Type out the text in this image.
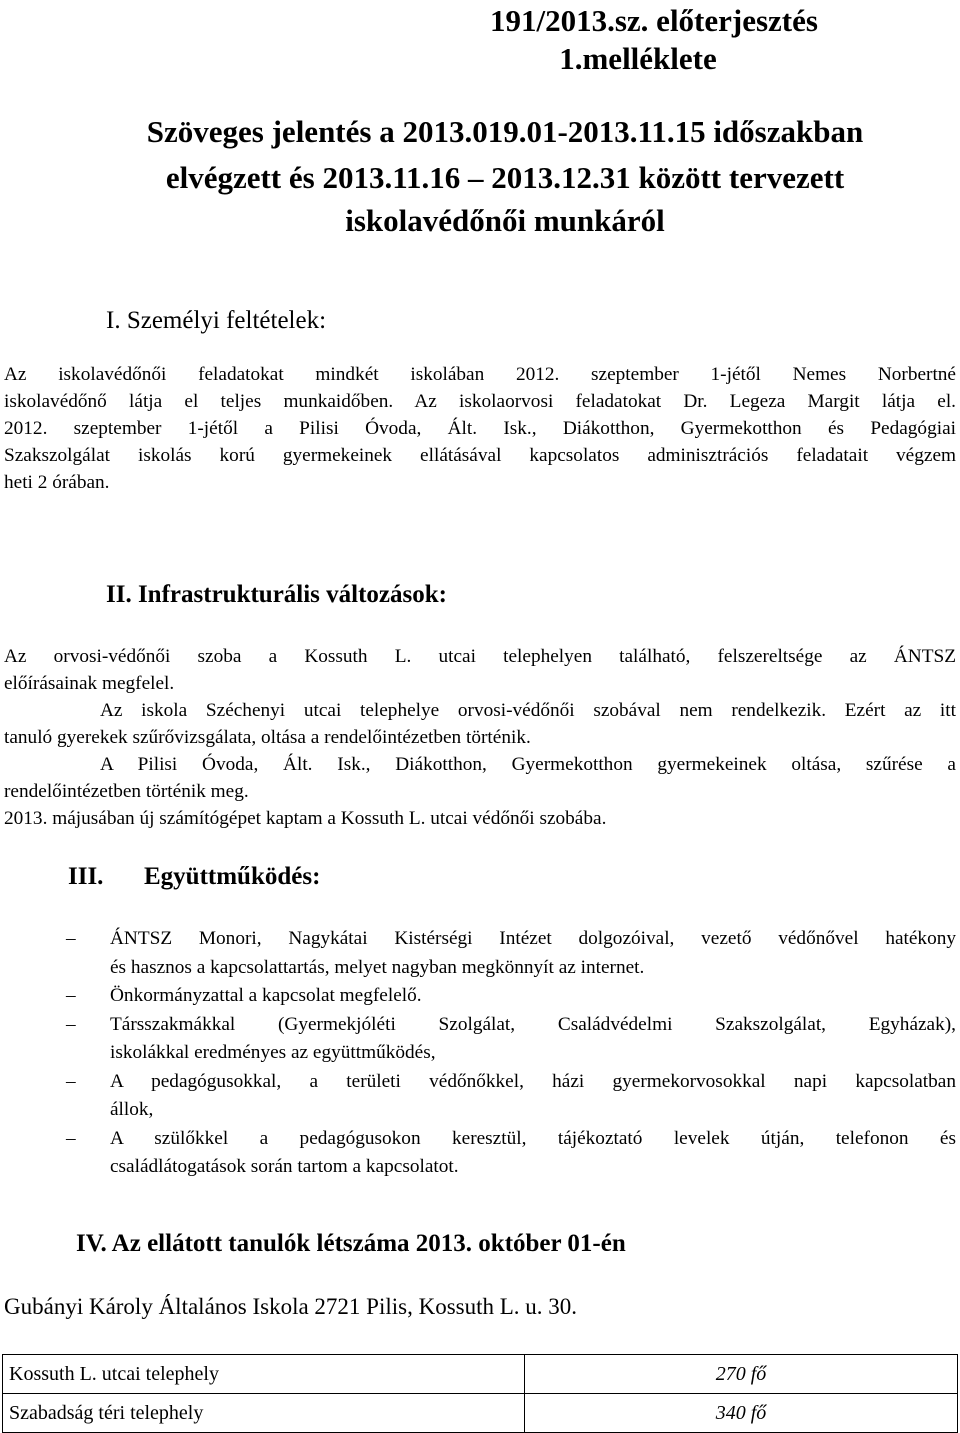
191/2013.sz. előterjesztés
1.melléklete
Szöveges jelentés a 2013.019.01-2013.11.15 időszakban
elvégzett és 2013.11.16 – 2013.12.31 között tervezett
iskolavédőnői munkáról
I. Személyi feltételek:
Az iskolavédőnői feladatokat mindkét iskolában 2012. szeptember 1-jétől Nemes Norbertné
iskolavédőnő látja el teljes munkaidőben. Az iskolaorvosi feladatokat Dr. Legeza Margit látja el.
2012. szeptember 1-jétől a Pilisi Óvoda, Ált. Isk., Diákotthon, Gyermekotthon és Pedagógiai
Szakszolgálat iskolás korú gyermekeinek ellátásával kapcsolatos adminisztrációs feladatait végzem
heti 2 órában.
II. Infrastrukturális változások:
Az orvosi-védőnői szoba a Kossuth L. utcai telephelyen található, felszereltsége az ÁNTSZ
előírásainak megfelel.
Az iskola Széchenyi utcai telephelye orvosi-védőnői szobával nem rendelkezik. Ezért az itt
tanuló gyerekek szűrővizsgálata, oltása a rendelőintézetben történik.
A Pilisi Óvoda, Ált. Isk., Diákotthon, Gyermekotthon gyermekeinek oltása, szűrése a
rendelőintézetben történik meg.
2013. májusában új számítógépet kaptam a Kossuth L. utcai védőnői szobába.
III. Együttműködés:
–	ÁNTSZ Monori, Nagykátai Kistérségi Intézet dolgozóival, vezető védőnővel hatékony
és hasznos a kapcsolattartás, melyet nagyban megkönnyít az internet.
–	Önkormányzattal a kapcsolat megfelelő.
–	Társszakmákkal (Gyermekjóléti Szolgálat, Családvédelmi Szakszolgálat, Egyházak),
iskolákkal eredményes az együttműködés,
–	A pedagógusokkal, a területi védőnőkkel, házi gyermekorvosokkal napi kapcsolatban
állok,
–	A szülőkkel a pedagógusokon keresztül, tájékoztató levelek útján, telefonon és
családlátogatások során tartom a kapcsolatot.
IV. Az ellátott tanulók létszáma 2013. október 01-én
Gubányi Károly Általános Iskola 2721 Pilis, Kossuth L. u. 30.
Kossuth L. utcai telephely	270 fő
Szabadság téri telephely	340 fő
